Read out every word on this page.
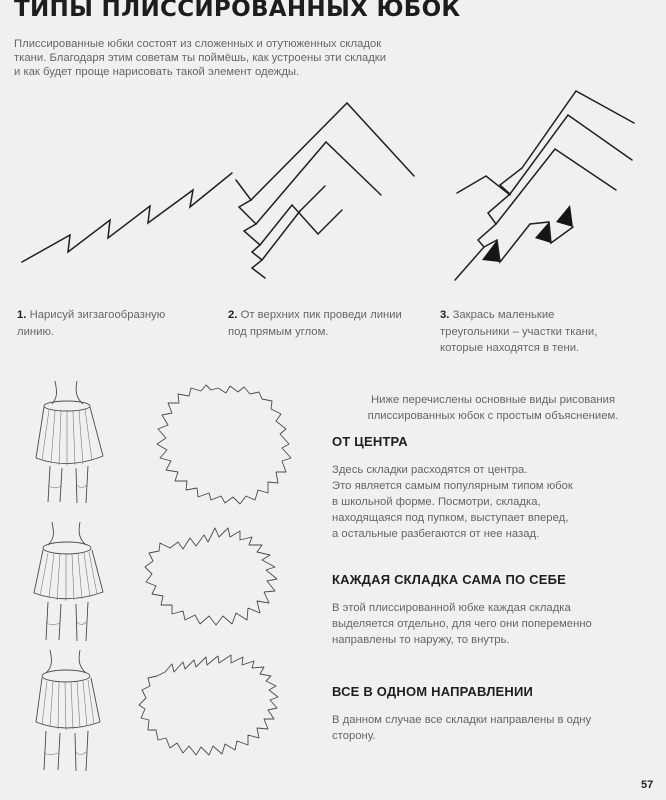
ТИПЫ ПЛИССИРОВАННЫХ ЮБОК
Плиссированные юбки состоят из сложенных и отутюженных складок
ткани. Благодаря этим советам ты поймёшь, как устроены эти складки
и как будет проще нарисовать такой элемент одежды.
1. Нарисуй зигзагообразную
линию.
2. От верхних пик проведи линии
под прямым углом.
3. Закрась маленькие
треугольники – участки ткани,
которые находятся в тени.
Ниже перечислены основные виды рисования
плиссированных юбок с простым объяснением.
ОТ ЦЕНТРА
Здесь складки расходятся от центра.
Это является самым популярным типом юбок
в школьной форме. Посмотри, складка,
находящаяся под пупком, выступает вперед,
а остальные разбегаются от нее назад.
КАЖДАЯ СКЛАДКА САМА ПО СЕБЕ
В этой плиссированной юбке каждая складка
выделяется отдельно, для чего они попеременно
направлены то наружу, то внутрь.
ВСЕ В ОДНОМ НАПРАВЛЕНИИ
В данном случае все складки направлены в одну
сторону.
57
